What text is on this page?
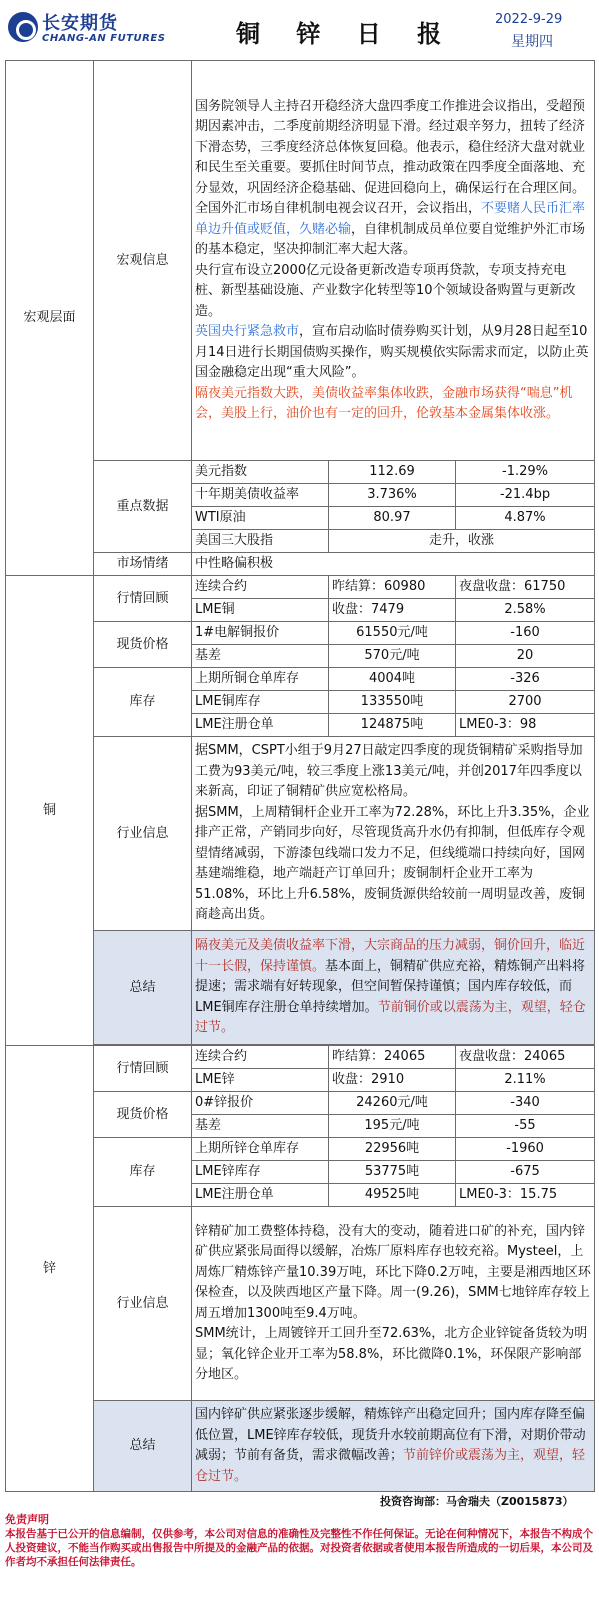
长安期货
CHANG-AN FUTURES	铜 锌 日 报
2022-9-29
星期四
宏观层面	宏观信息	国务院领导人主持召开稳经济大盘四季度工作推进会议指出，受超预期因素冲击，二季度前期经济明显下滑。经过艰辛努力，扭转了经济下滑态势，三季度经济总体恢复回稳。他表示，稳住经济大盘对就业和民生至关重要。要抓住时间节点，推动政策在四季度全面落地、充分显效，巩固经济企稳基础、促进回稳向上，确保运行在合理区间。
全国外汇市场自律机制电视会议召开，会议指出，不要赌人民币汇率单边升值或贬值，久赌必输，自律机制成员单位要自觉维护外汇市场的基本稳定，坚决抑制汇率大起大落。
央行宣布设立2000亿元设备更新改造专项再贷款，专项支持充电桩、新型基础设施、产业数字化转型等10个领域设备购置与更新改造。
英国央行紧急救市，宣布启动临时债券购买计划，从9月28日起至10月14日进行长期国债购买操作，购买规模依实际需求而定，以防止英国金融稳定出现“重大风险”。
隔夜美元指数大跌，美债收益率集体收跌，金融市场获得“喘息”机会，美股上行，油价也有一定的回升，伦敦基本金属集体收涨。		

	重点数据	美元指数	112.69	-1.29%
		十年期美债收益率	3.736%	-21.4bp
		WTI原油	80.97	4.87%
		美国三大股指	走升，收涨	
	市场情绪	中性略偏积极		
铜	行情回顾	连续合约	昨结算：60980	夜盘收盘：61750
		LME铜	收盘：7479	2.58%
	现货价格	1#电解铜报价	61550元/吨	-160
		基差	570元/吨	20
	库存	上期所铜仓单库存	4004吨	-326
		LME铜库存	133550吨	2700
		LME注册仓单	124875吨	LME0-3：98
	行业信息	据SMM，CSPT小组于9月27日敲定四季度的现货铜精矿采购指导加工费为93美元/吨，较三季度上涨13美元/吨，并创2017年四季度以来新高，印证了铜精矿供应宽松格局。
据SMM，上周精铜杆企业开工率为72.28%，环比上升3.35%，企业排产正常，产销同步向好，尽管现货高升水仍有抑制，但低库存令观望情绪减弱，下游漆包线端口发力不足，但线缆端口持续向好，国网基建端维稳，地产端赶产订单回升；废铜制杆企业开工率为51.08%，环比上升6.58%，废铜货源供给较前一周明显改善，废铜商趁高出货。		

	总结	隔夜美元及美债收益率下滑，大宗商品的压力减弱，铜价回升，临近十一长假，保持谨慎。基本面上，铜精矿供应充裕，精炼铜产出料将提速；需求端有好转现象，但空间暂保持谨慎；国内库存较低，而LME铜库存注册仓单持续增加。节前铜价或以震荡为主，观望，轻仓过节。		

锌	行情回顾	连续合约	昨结算：24065	夜盘收盘：24065
		LME锌	收盘：2910	2.11%
	现货价格	0#锌报价	24260元/吨	-340
		基差	195元/吨	-55
	库存	上期所锌仓单库存	22956吨	-1960
		LME锌库存	53775吨	-675
		LME注册仓单	49525吨	LME0-3：15.75
	行业信息	锌精矿加工费整体持稳，没有大的变动，随着进口矿的补充，国内锌矿供应紧张局面得以缓解，冶炼厂原料库存也较充裕。Mysteel，上周炼厂精炼锌产量10.39万吨，环比下降0.2万吨，主要是湘西地区环保检查，以及陕西地区产量下降。周一(9.26)，SMM七地锌库存较上周五增加1300吨至9.4万吨。
SMM统计，上周镀锌开工回升至72.63%，北方企业锌锭备货较为明显；氧化锌企业开工率为58.8%，环比微降0.1%，环保限产影响部分地区。		

	总结	国内锌矿供应紧张逐步缓解，精炼锌产出稳定回升；国内库存降至偏低位置，LME锌库存较低，现货升水较前期高位有下滑，对期价带动减弱；节前有备货，需求微幅改善；节前锌价或震荡为主，观望，轻仓过节。		
投资咨询部：马舍瑞夫（Z0015873）
免责声明
本报告基于已公开的信息编制，仅供参考，本公司对信息的准确性及完整性不作任何保证。无论在何种情况下，本报告不构成个人投资建议，不能当作购买或出售报告中所提及的金融产品的依据。对投资者依据或者使用本报告所造成的一切后果，本公司及作者均不承担任何法律责任。
